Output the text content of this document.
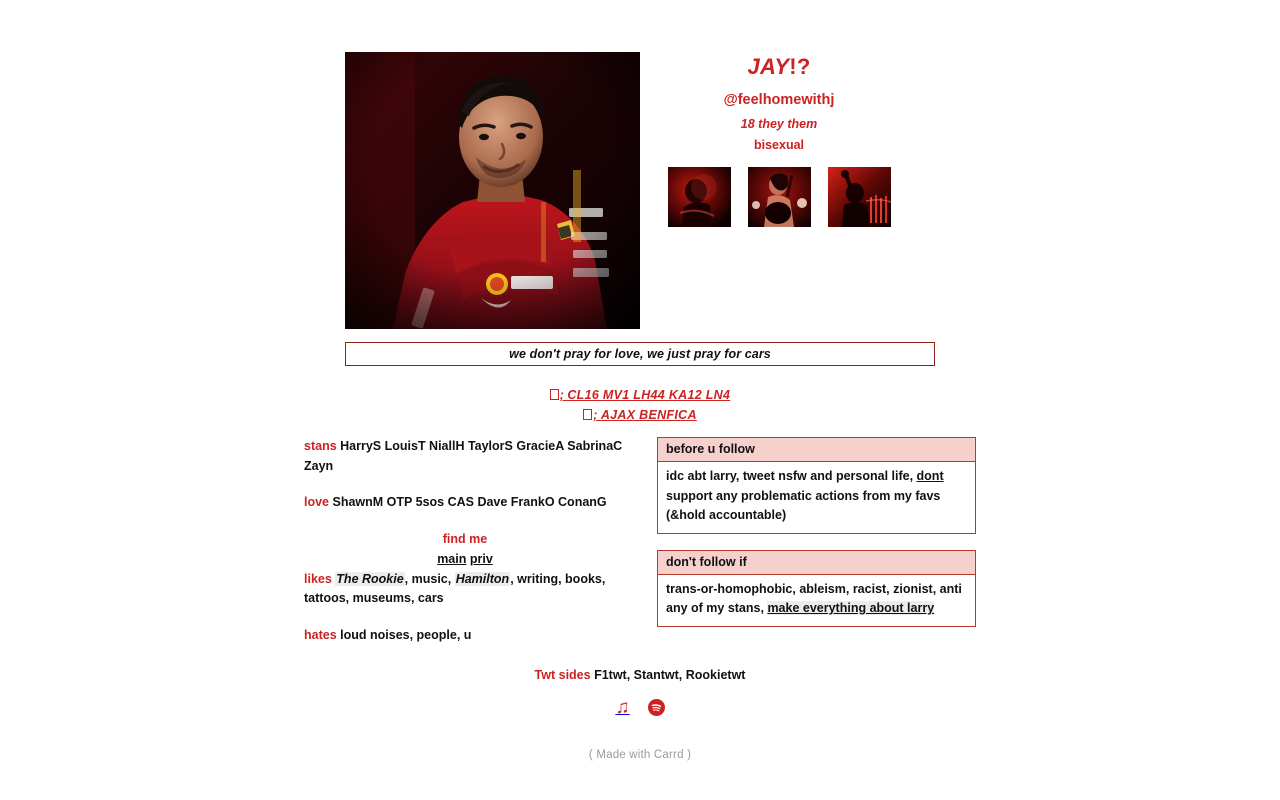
JAY!?
@feelhomewithj
18 they them
bisexual
we don't pray for love, we just pray for cars
; CL16 MV1 LH44 KA12 LN4
; AJAX BENFICA
stans HarryS LouisT NiallH TaylorS GracieA SabrinaC Zayn
love ShawnM OTP 5sos CAS Dave FrankO ConanG
find me
main priv
likes The Rookie, music, Hamilton, writing, books, tattoos, museums, cars
hates loud noises, people, u
before u follow
idc abt larry, tweet nsfw and personal life, dont support any problematic actions from my favs (&hold accountable)
don't follow if
trans-or-homophobic, ableism, racist, zionist, anti any of my stans, make everything about larry
Twt sides F1twt, Stantwt, Rookietwt
♫
( Made with Carrd )
